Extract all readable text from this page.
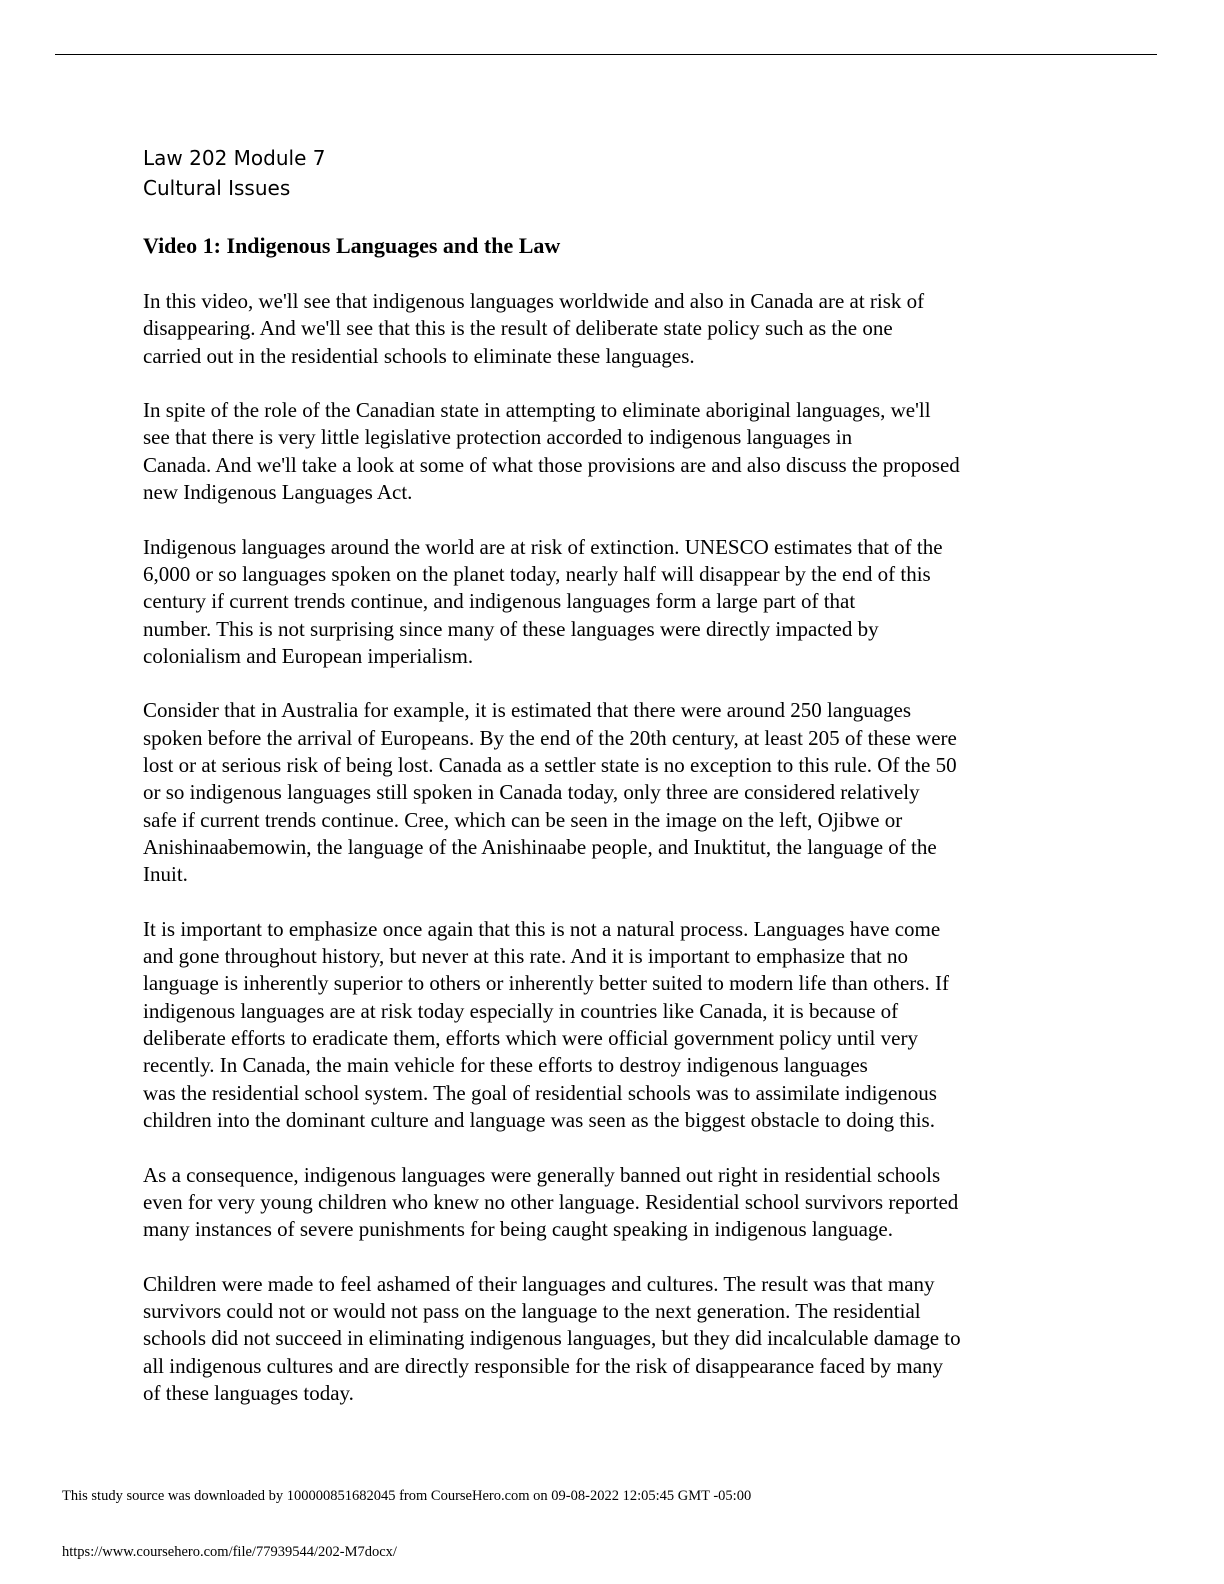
Law 202 Module 7
Cultural Issues

Video 1: Indigenous Languages and the Law

In this video, we'll see that indigenous languages worldwide and also in Canada are at risk of
disappearing. And we'll see that this is the result of deliberate state policy such as the one
carried out in the residential schools to eliminate these languages.

In spite of the role of the Canadian state in attempting to eliminate aboriginal languages, we'll
see that there is very little legislative protection accorded to indigenous languages in
Canada. And we'll take a look at some of what those provisions are and also discuss the proposed
new Indigenous Languages Act.

Indigenous languages around the world are at risk of extinction. UNESCO estimates that of the
6,000 or so languages spoken on the planet today, nearly half will disappear by the end of this
century if current trends continue, and indigenous languages form a large part of that
number. This is not surprising since many of these languages were directly impacted by
colonialism and European imperialism.

Consider that in Australia for example, it is estimated that there were around 250 languages
spoken before the arrival of Europeans. By the end of the 20th century, at least 205 of these were
lost or at serious risk of being lost. Canada as a settler state is no exception to this rule. Of the 50
or so indigenous languages still spoken in Canada today, only three are considered relatively
safe if current trends continue. Cree, which can be seen in the image on the left, Ojibwe or
Anishinaabemowin, the language of the Anishinaabe people, and Inuktitut, the language of the
Inuit.

It is important to emphasize once again that this is not a natural process. Languages have come
and gone throughout history, but never at this rate. And it is important to emphasize that no
language is inherently superior to others or inherently better suited to modern life than others. If
indigenous languages are at risk today especially in countries like Canada, it is because of
deliberate efforts to eradicate them, efforts which were official government policy until very
recently. In Canada, the main vehicle for these efforts to destroy indigenous languages
was the residential school system. The goal of residential schools was to assimilate indigenous
children into the dominant culture and language was seen as the biggest obstacle to doing this.

As a consequence, indigenous languages were generally banned out right in residential schools
even for very young children who knew no other language. Residential school survivors reported
many instances of severe punishments for being caught speaking in indigenous language.

Children were made to feel ashamed of their languages and cultures. The result was that many
survivors could not or would not pass on the language to the next generation. The residential
schools did not succeed in eliminating indigenous languages, but they did incalculable damage to
all indigenous cultures and are directly responsible for the risk of disappearance faced by many
of these languages today.

This study source was downloaded by 100000851682045 from CourseHero.com on 09-08-2022 12:05:45 GMT -05:00
https://www.coursehero.com/file/77939544/202-M7docx/
